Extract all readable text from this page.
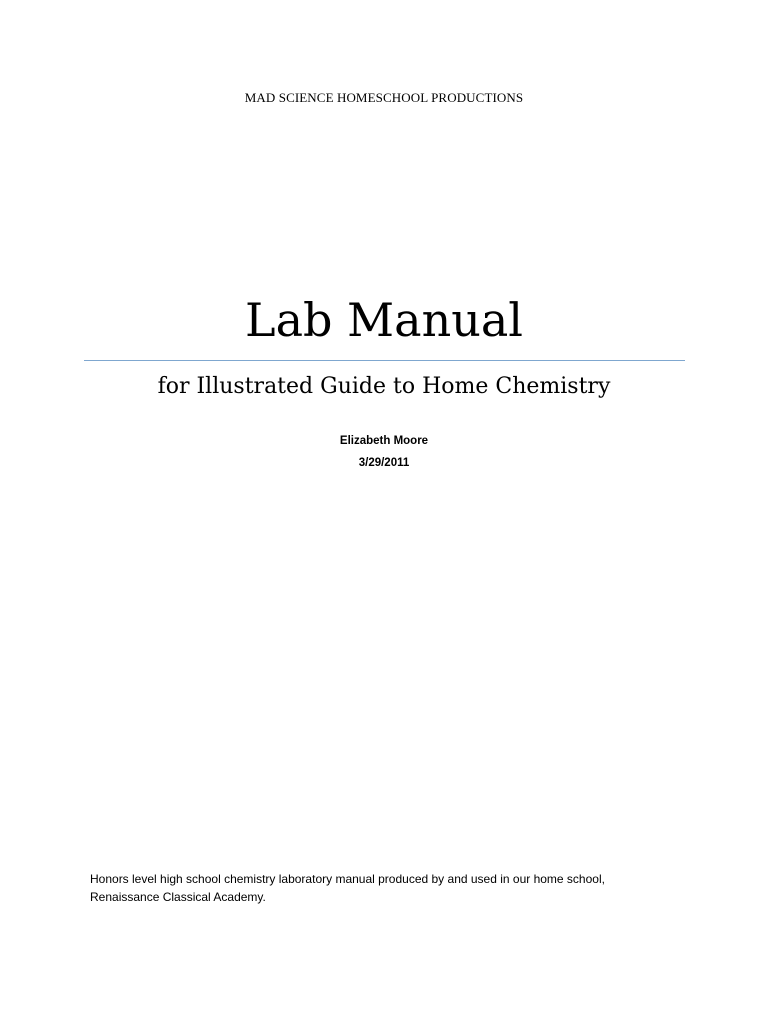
MAD SCIENCE HOMESCHOOL PRODUCTIONS
Lab Manual
for Illustrated Guide to Home Chemistry
Elizabeth Moore
3/29/2011
Honors level high school chemistry laboratory manual produced by and used in our home school,
Renaissance Classical Academy.
